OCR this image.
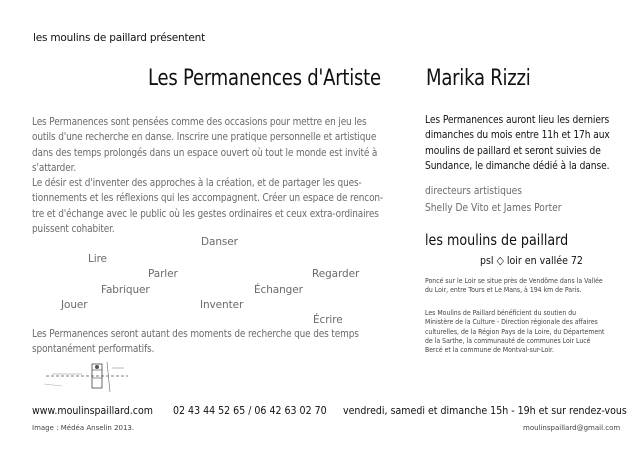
les moulins de paillard présentent
Les Permanences d'Artiste Marika Rizzi
Les Permanences sont pensées comme des occasions pour mettre en jeu les
outils d'une recherche en danse. Inscrire une pratique personnelle et artistique
dans des temps prolongés dans un espace ouvert où tout le monde est invité à
s'attarder.
Le désir est d'inventer des approches à la création, et de partager les ques-
tionnements et les réflexions qui les accompagnent. Créer un espace de rencon-
tre et d'échange avec le public où les gestes ordinaires et ceux extra-ordinaires
puissent cohabiter.
Danser
Lire
Parler	Regarder
Fabriquer	Échanger
Jouer	Inventer
Écrire
Les Permanences seront autant des moments de recherche que des temps
spontanément performatifs.
Les Permanences auront lieu les derniers
dimanches du mois entre 11h et 17h aux
moulins de paillard et seront suivies de
Sundance, le dimanche dédié à la danse.
directeurs artistiques
Shelly De Vito et James Porter
les moulins de paillard
psl ◇ loir en vallée 72
Poncé sur le Loir se situe près de Vendôme dans la Vallée
du Loir, entre Tours et Le Mans, à 194 km de Paris.
Les Moulins de Paillard bénéficient du soutien du
Ministère de la Culture - Direction régionale des affaires
culturelles, de la Région Pays de la Loire, du Département
de la Sarthe, la communauté de communes Loir Lucé
Bercé et la commune de Montval-sur-Loir.
www.moulinspaillard.com 02 43 44 52 65 / 06 42 63 02 70 vendredi, samedi et dimanche 15h - 19h et sur rendez-vous
Image : Médéa Anselin 2013.	moulinspaillard@gmail.com
